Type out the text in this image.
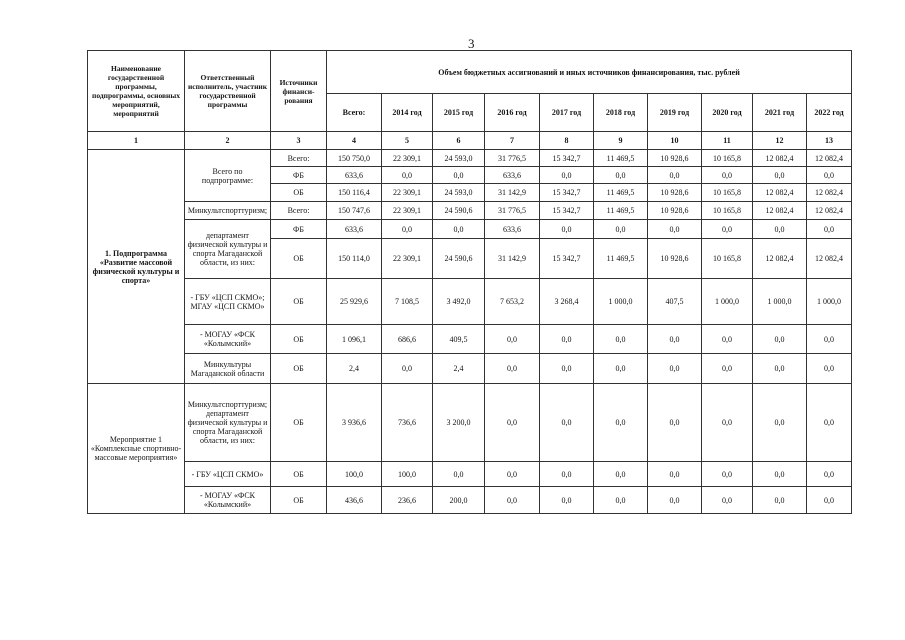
3
Наименование государственной программы, подпрограммы, основных мероприятий, мероприятий	Ответственный исполнитель, участник государственной программы	Источники финанси-рования	Объем бюджетных ассигнований и иных источников финансирования, тыс. рублей									
			Всего:	2014 год	2015 год	2016 год	2017 год	2018 год	2019 год	2020 год	2021 год	2022 год
1	2	3	4	5	6	7	8	9	10	11	12	13
1. Подпрограмма «Развитие массовой физической культуры и спорта»	Всего по подпрограмме:	Всего:	150 750,0	22 309,1	24 593,0	31 776,5	15 342,7	11 469,5	10 928,6	10 165,8	12 082,4	12 082,4
		ФБ	633,6	0,0	0,0	633,6	0,0	0,0	0,0	0,0	0,0	0,0
		ОБ	150 116,4	22 309,1	24 593,0	31 142,9	15 342,7	11 469,5	10 928,6	10 165,8	12 082,4	12 082,4
	Минкультспорттуризм;	Всего:	150 747,6	22 309,1	24 590,6	31 776,5	15 342,7	11 469,5	10 928,6	10 165,8	12 082,4	12 082,4
	департамент физической культуры и спорта Магаданской области, из них:	ФБ	633,6	0,0	0,0	633,6	0,0	0,0	0,0	0,0	0,0	0,0
		ОБ	150 114,0	22 309,1	24 590,6	31 142,9	15 342,7	11 469,5	10 928,6	10 165,8	12 082,4	12 082,4
	- ГБУ «ЦСП СКМО»; МГАУ «ЦСП СКМО»	ОБ	25 929,6	7 108,5	3 492,0	7 653,2	3 268,4	1 000,0	407,5	1 000,0	1 000,0	1 000,0
	- МОГАУ «ФСК «Колымский»	ОБ	1 096,1	686,6	409,5	0,0	0,0	0,0	0,0	0,0	0,0	0,0
	Минкультуры Магаданской области	ОБ	2,4	0,0	2,4	0,0	0,0	0,0	0,0	0,0	0,0	0,0
Мероприятие 1 «Комплексные спортивно-массовые мероприятия»	Минкультспорттуризм; департамент физической культуры и спорта Магаданской области, из них:	ОБ	3 936,6	736,6	3 200,0	0,0	0,0	0,0	0,0	0,0	0,0	0,0
	- ГБУ «ЦСП СКМО»	ОБ	100,0	100,0	0,0	0,0	0,0	0,0	0,0	0,0	0,0	0,0
	- МОГАУ «ФСК «Колымский»	ОБ	436,6	236,6	200,0	0,0	0,0	0,0	0,0	0,0	0,0	0,0
